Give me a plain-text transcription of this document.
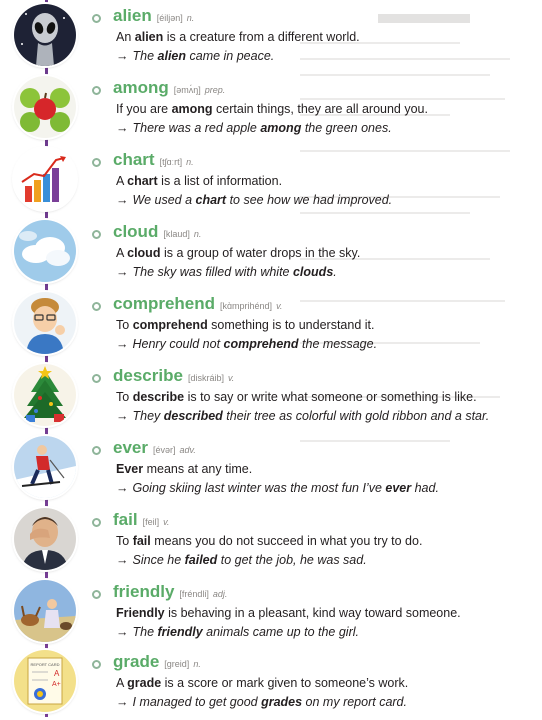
alien [éiljən] n.
An alien is a creature from a different world.
→ The alien came in peace.
among [əmʌ́ŋ] prep.
If you are among certain things, they are all around you.
→ There was a red apple among the green ones.
chart [tʃɑːrt] n.
A chart is a list of information.
→ We used a chart to see how we had improved.
cloud [klaud] n.
A cloud is a group of water drops in the sky.
→ The sky was filled with white clouds.
comprehend [kɑ̀mprihénd] v.
To comprehend something is to understand it.
→ Henry could not comprehend the message.
describe [diskráib] v.
To describe is to say or write what someone or something is like.
→ They described their tree as colorful with gold ribbon and a star.
ever [évər] adv.
Ever means at any time.
→ Going skiing last winter was the most fun I’ve ever had.
fail [feil] v.
To fail means you do not succeed in what you try to do.
→ Since he failed to get the job, he was sad.
friendly [fréndli] adj.
Friendly is behaving in a pleasant, kind way toward someone.
→ The friendly animals came up to the girl.
REPORT CARD
A
A+
grade [greid] n.
A grade is a score or mark given to someone’s work.
→ I managed to get good grades on my report card.
